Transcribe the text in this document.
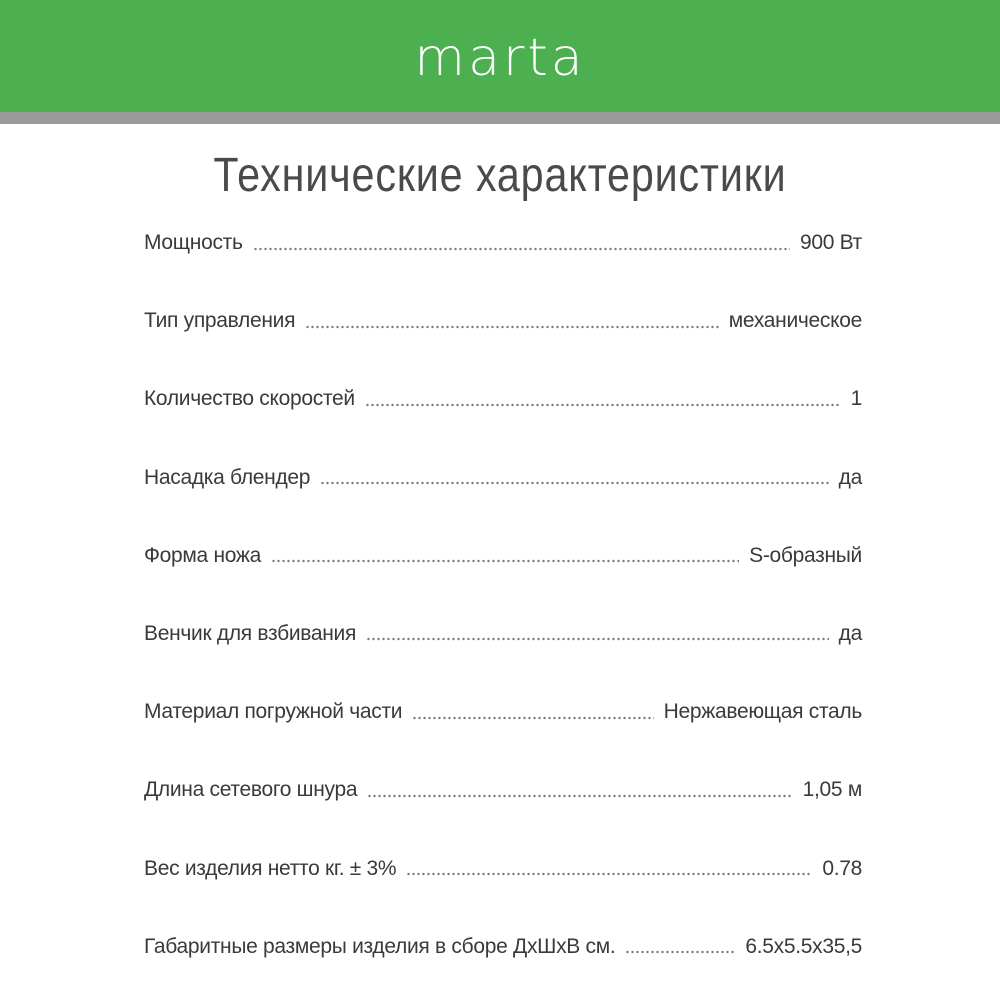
marta
Технические характеристики
Мощность	900 Вт
Тип управления	механическое
Количество скоростей	1
Насадка блендер	да
Форма ножа	S-образный
Венчик для взбивания	да
Материал погружной части	Нержавеющая сталь
Длина сетевого шнура	1,05 м
Вес изделия нетто кг. ± 3%	0.78
Габаритные размеры изделия в сборе ДхШхВ см.	6.5x5.5x35,5
